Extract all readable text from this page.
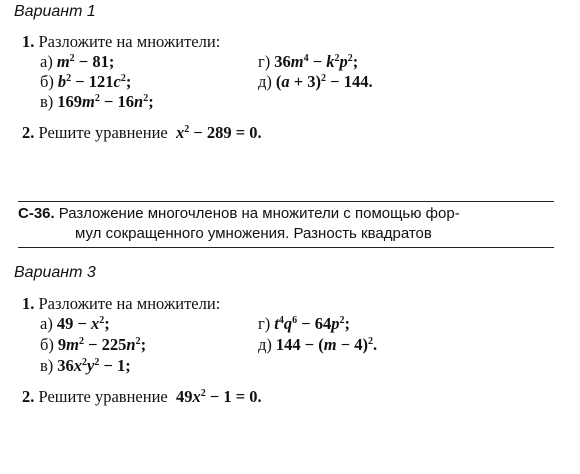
Вариант 1
1. Разложите на множители:
а) $m^2 - 81$;
б) $b^2 - 121c^2$;
в) $169m^2 - 16n^2$;
г) $36m^4 - k^2p^2$;
д) $(a + 3)^2 - 144$.
2. Решите уравнение $x^2 - 289 = 0$.
С-36. Разложение многочленов на множители с помощью фор-
мул сокращенного умножения. Разность квадратов
Вариант 3
1. Разложите на множители:
а) $49 - x^2$;
б) $9m^2 - 225n^2$;
в) $36x^2y^2 - 1$;
г) $t^4q^6 - 64p^2$;
д) $144 - (m - 4)^2$.
2. Решите уравнение  $49x^2 - 1 = 0$.
